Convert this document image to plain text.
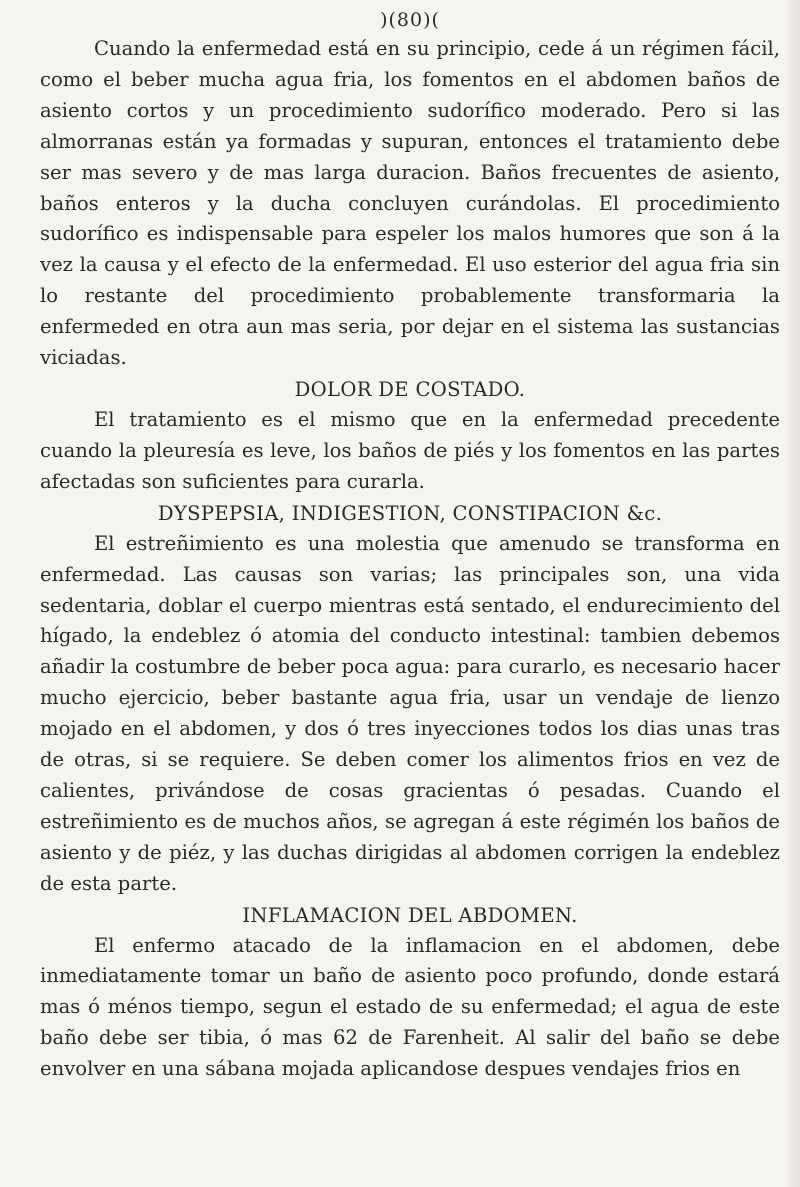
)(80)(

Cuando la enfermedad está en su principio, cede á un régimen fácil, como el beber mucha agua fria, los fomentos en el abdomen baños de asiento cortos y un procedimiento sudorífico moderado. Pero si las almorranas están ya formadas y supuran, entonces el tratamiento debe ser mas severo y de mas larga duracion. Baños frecuentes de asiento, baños enteros y la ducha concluyen curándolas. El procedimiento sudorífico es indispensable para espeler los malos humores que son á la vez la causa y el efecto de la enfermedad. El uso esterior del agua fria sin lo restante del procedimiento probablemente transformaria la enfermeded en otra aun mas seria, por dejar en el sistema las sustancias viciadas.

DOLOR DE COSTADO.

El tratamiento es el mismo que en la enfermedad precedente cuando la pleuresía es leve, los baños de piés y los fomentos en las partes afectadas son suficientes para curarla.

DYSPEPSIA, INDIGESTION, CONSTIPACION &c.

El estreñimiento es una molestia que amenudo se transforma en enfermedad. Las causas son varias; las principales son, una vida sedentaria, doblar el cuerpo mientras está sentado, el endurecimiento del hígado, la endeblez ó atomia del conducto intestinal: tambien debemos añadir la costumbre de beber poca agua: para curarlo, es necesario hacer mucho ejercicio, beber bastante agua fria, usar un vendaje de lienzo mojado en el abdomen, y dos ó tres inyecciones todos los dias unas tras de otras, si se requiere. Se deben comer los alimentos frios en vez de calientes, privándose de cosas gracientas ó pesadas. Cuando el estreñimiento es de muchos años, se agregan á este régimén los baños de asiento y de piéz, y las duchas dirigidas al abdomen corrigen la endeblez de esta parte.

INFLAMACION DEL ABDOMEN.

El enfermo atacado de la inflamacion en el abdomen, debe inmediatamente tomar un baño de asiento poco profundo, donde estará mas ó ménos tiempo, segun el estado de su enfermedad; el agua de este baño debe ser tibia, ó mas 62 de Farenheit. Al salir del baño se debe envolver en una sábana mojada aplicandose despues vendajes frios en
